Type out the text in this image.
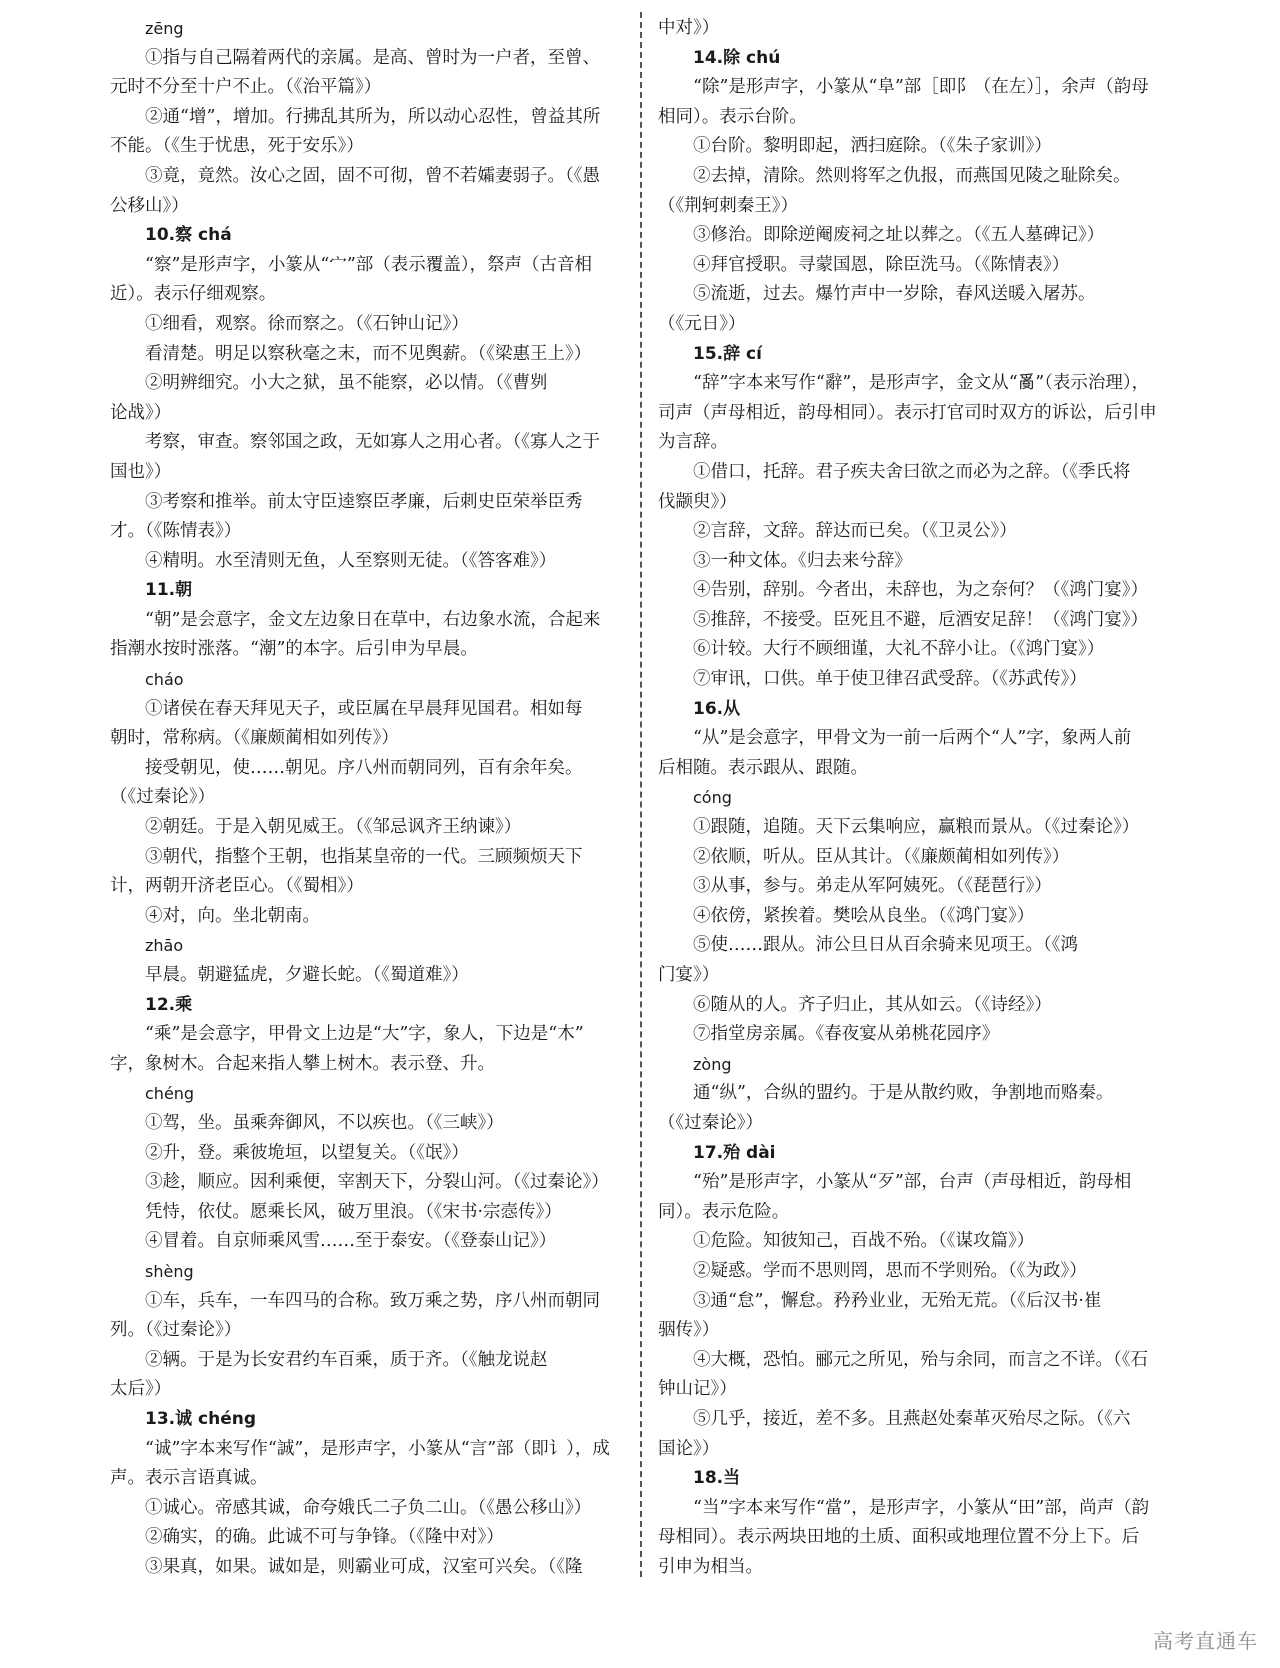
zēng
①指与自己隔着两代的亲属。是高、曾时为一户者，至曾、
元时不分至十户不止。（《治平篇》）
②通“增”，增加。行拂乱其所为，所以动心忍性，曾益其所
不能。（《生于忧患，死于安乐》）
③竟，竟然。汝心之固，固不可彻，曾不若孀妻弱子。（《愚
公移山》）
10.察 chá
“察”是形声字，小篆从“宀”部（表示覆盖），祭声（古音相
近）。表示仔细观察。
①细看，观察。徐而察之。（《石钟山记》）
看清楚。明足以察秋毫之末，而不见舆薪。（《梁惠王上》）
②明辨细究。小大之狱，虽不能察，必以情。（《曹刿
论战》）
考察，审查。察邻国之政，无如寡人之用心者。（《寡人之于
国也》）
③考察和推举。前太守臣逵察臣孝廉，后刺史臣荣举臣秀
才。（《陈情表》）
④精明。水至清则无鱼，人至察则无徒。（《答客难》）
11.朝
“朝”是会意字，金文左边象日在草中，右边象水流，合起来
指潮水按时涨落。“潮”的本字。后引申为早晨。
cháo
①诸侯在春天拜见天子，或臣属在早晨拜见国君。相如每
朝时，常称病。（《廉颇蔺相如列传》）
接受朝见，使……朝见。序八州而朝同列，百有余年矣。
（《过秦论》）
②朝廷。于是入朝见威王。（《邹忌讽齐王纳谏》）
③朝代，指整个王朝，也指某皇帝的一代。三顾频烦天下
计，两朝开济老臣心。（《蜀相》）
④对，向。坐北朝南。
zhāo
早晨。朝避猛虎，夕避长蛇。（《蜀道难》）
12.乘
“乘”是会意字，甲骨文上边是“大”字，象人，下边是“木”
字，象树木。合起来指人攀上树木。表示登、升。
chéng
①驾，坐。虽乘奔御风，不以疾也。（《三峡》）
②升，登。乘彼垝垣，以望复关。（《氓》）
③趁，顺应。因利乘便，宰割天下，分裂山河。（《过秦论》）
凭恃，依仗。愿乘长风，破万里浪。（《宋书·宗悫传》）
④冒着。自京师乘风雪……至于泰安。（《登泰山记》）
shèng
①车，兵车，一车四马的合称。致万乘之势，序八州而朝同
列。（《过秦论》）
②辆。于是为长安君约车百乘，质于齐。（《触龙说赵
太后》）
13.诚 chéng
“诚”字本来写作“誠”，是形声字，小篆从“言”部（即讠），成
声。表示言语真诚。
①诚心。帝感其诚，命夸娥氏二子负二山。（《愚公移山》）
②确实，的确。此诚不可与争锋。（《隆中对》）
③果真，如果。诚如是，则霸业可成，汉室可兴矣。（《隆
中对》）
14.除 chú
“除”是形声字，小篆从“阜”部［即阝（在左）］，余声（韵母
相同）。表示台阶。
①台阶。黎明即起，洒扫庭除。（《朱子家训》）
②去掉，清除。然则将军之仇报，而燕国见陵之耻除矣。
（《荆轲刺秦王》）
③修治。即除逆阉废祠之址以葬之。（《五人墓碑记》）
④拜官授职。寻蒙国恩，除臣洗马。（《陈情表》）
⑤流逝，过去。爆竹声中一岁除，春风送暖入屠苏。
（《元日》）
15.辞 cí
“辞”字本来写作“辭”，是形声字，金文从“𤔔”（表示治理），
司声（声母相近，韵母相同）。表示打官司时双方的诉讼，后引申
为言辞。
①借口，托辞。君子疾夫舍曰欲之而必为之辞。（《季氏将
伐颛臾》）
②言辞，文辞。辞达而已矣。（《卫灵公》）
③一种文体。《归去来兮辞》
④告别，辞别。今者出，未辞也，为之奈何？（《鸿门宴》）
⑤推辞，不接受。臣死且不避，卮酒安足辞！（《鸿门宴》）
⑥计较。大行不顾细谨，大礼不辞小让。（《鸿门宴》）
⑦审讯，口供。单于使卫律召武受辞。（《苏武传》）
16.从
“从”是会意字，甲骨文为一前一后两个“人”字，象两人前
后相随。表示跟从、跟随。
cóng
①跟随，追随。天下云集响应，赢粮而景从。（《过秦论》）
②依顺，听从。臣从其计。（《廉颇蔺相如列传》）
③从事，参与。弟走从军阿姨死。（《琵琶行》）
④依傍，紧挨着。樊哙从良坐。（《鸿门宴》）
⑤使……跟从。沛公旦日从百余骑来见项王。（《鸿
门宴》）
⑥随从的人。齐子归止，其从如云。（《诗经》）
⑦指堂房亲属。《春夜宴从弟桃花园序》
zòng
通“纵”，合纵的盟约。于是从散约败，争割地而赂秦。
（《过秦论》）
17.殆 dài
“殆”是形声字，小篆从“歹”部，台声（声母相近，韵母相
同）。表示危险。
①危险。知彼知己，百战不殆。（《谋攻篇》）
②疑惑。学而不思则罔，思而不学则殆。（《为政》）
③通“怠”，懈怠。矜矜业业，无殆无荒。（《后汉书·崔
骃传》）
④大概，恐怕。郦元之所见，殆与余同，而言之不详。（《石
钟山记》）
⑤几乎，接近，差不多。且燕赵处秦革灭殆尽之际。（《六
国论》）
18.当
“当”字本来写作“當”，是形声字，小篆从“田”部，尚声（韵
母相同）。表示两块田地的土质、面积或地理位置不分上下。后
引申为相当。
高考直通车
